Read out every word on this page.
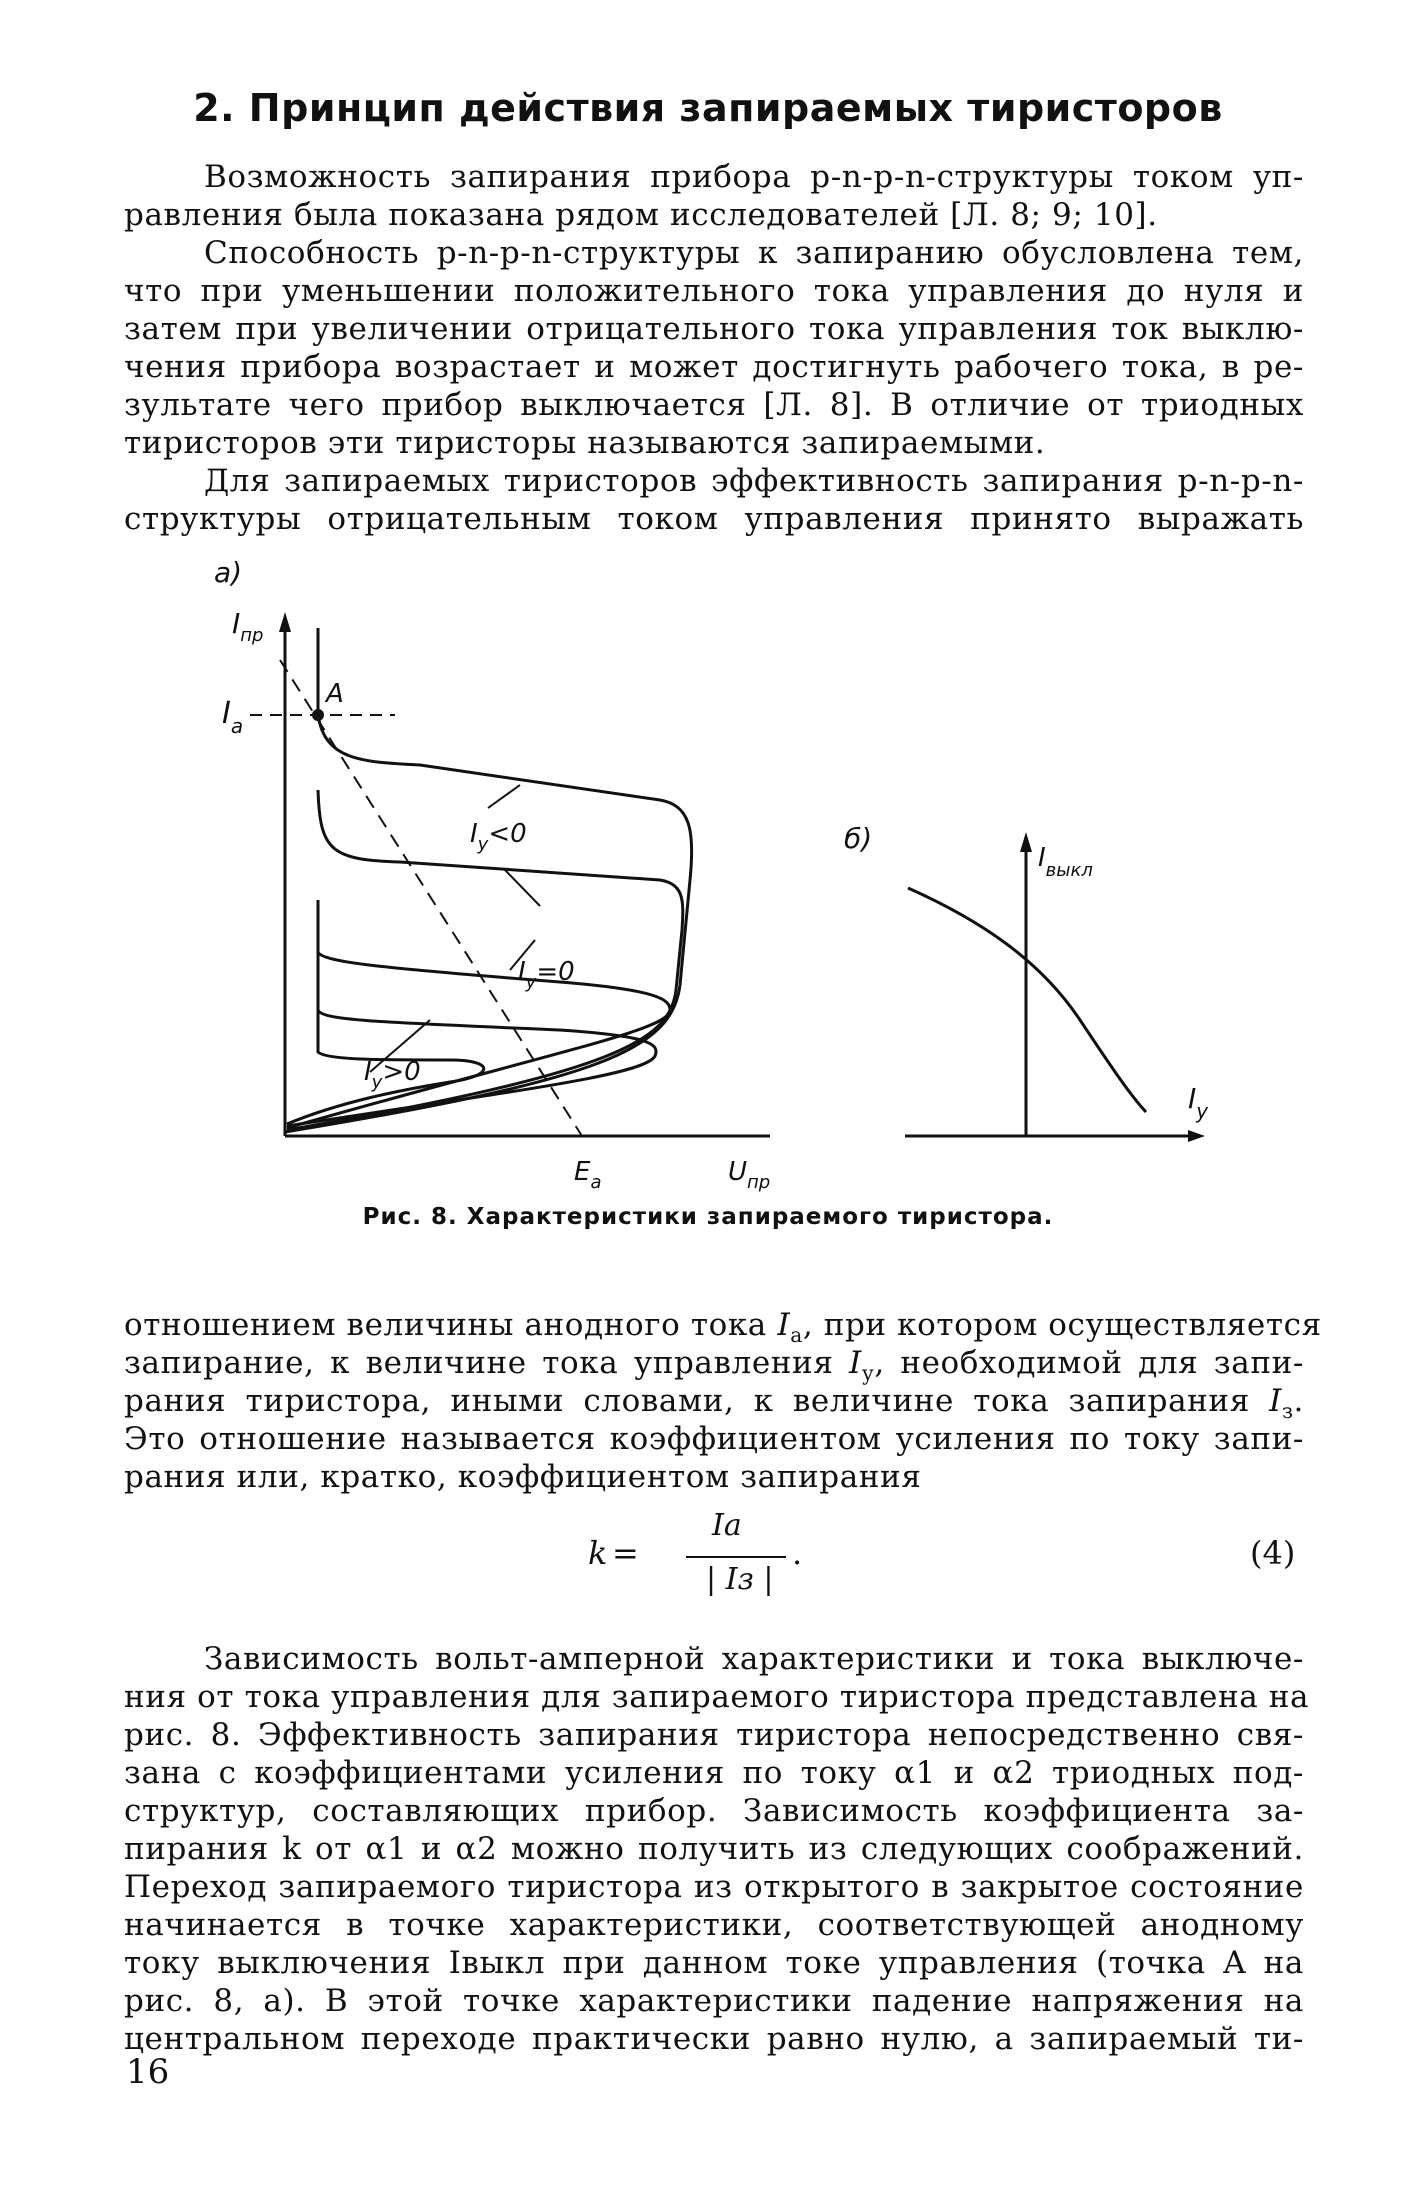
2. Принцип действия запираемых тиристоров
Возможность запирания прибора p-n-p-n-структуры током уп-
равления была показана рядом исследователей [Л. 8; 9; 10].
Способность p-n-p-n-структуры к запиранию обусловлена тем,
что при уменьшении положительного тока управления до нуля и
затем при увеличении отрицательного тока управления ток выклю-
чения прибора возрастает и может достигнуть рабочего тока, в ре-
зультате чего прибор выключается [Л. 8]. В отличие от триодных
тиристоров эти тиристоры называются запираемыми.
Для запираемых тиристоров эффективность запирания p-n-p-n-
структуры отрицательным током управления принято выражать
a)
$I_{пр}$
$I_a$
A
$I_у<0$
$I_у=0$
$I_у>0$
$E_a$	$U_{пр}$
б)
$I_{выкл}$
$I_у$
Рис. 8. Характеристики запираемого тиристора.
отношением величины анодного тока $I_а$, при котором осуществляется
запирание, к величине тока управления $I_у$, необходимой для запи-
рания тиристора, иными словами, к величине тока запирания $I_з$.
Это отношение называется коэффициентом усиления по току запи-
рания или, кратко, коэффициентом запирания
k =
Iа
| Iз |
.	(4)
Зависимость вольт-амперной характеристики и тока выключе-
ния от тока управления для запираемого тиристора представлена на
рис. 8. Эффективность запирания тиристора непосредственно свя-
зана с коэффициентами усиления по току α1 и α2 триодных под-
структур, составляющих прибор. Зависимость коэффициента за-
пирания k от α1 и α2 можно получить из следующих соображений.
Переход запираемого тиристора из открытого в закрытое состояние
начинается в точке характеристики, соответствующей анодному
току выключения Iвыкл при данном токе управления (точка A на
рис. 8, a). В этой точке характеристики падение напряжения на
центральном переходе практически равно нулю, а запираемый ти-
16
